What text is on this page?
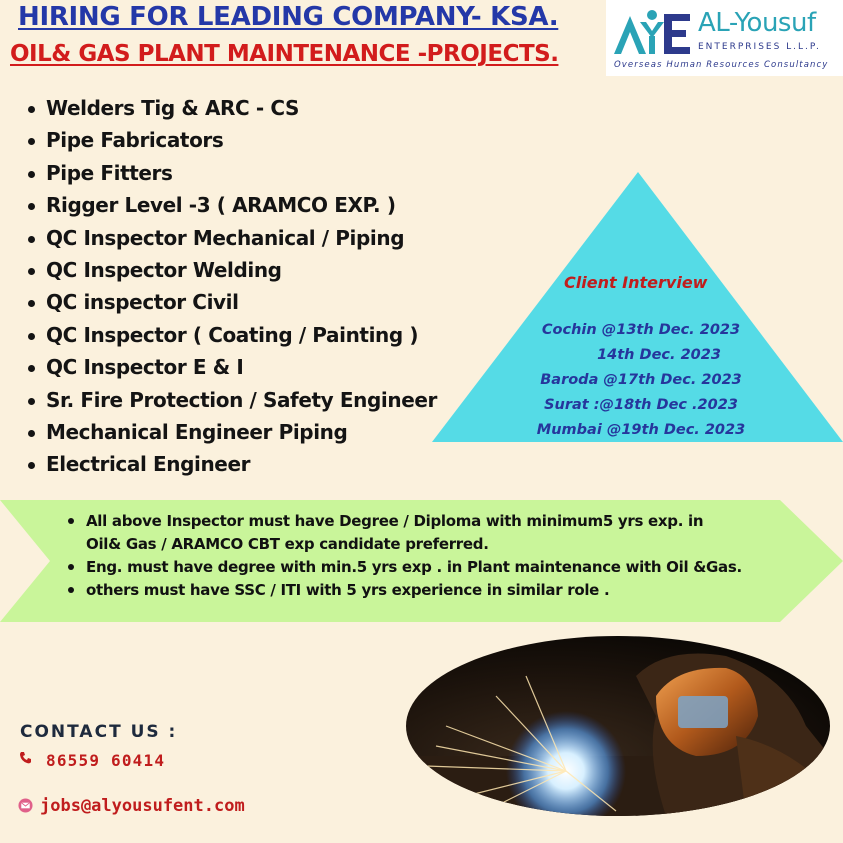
HIRING FOR LEADING COMPANY- KSA.
OIL& GAS PLANT MAINTENANCE -PROJECTS.
AL-Yousuf
ENTERPRISES L.L.P.
Overseas Human Resources Consultancy
Welders Tig & ARC - CS
Pipe Fabricators
Pipe Fitters
Rigger Level -3 ( ARAMCO EXP. )
QC Inspector Mechanical / Piping
QC Inspector Welding
QC inspector Civil
QC Inspector ( Coating / Painting )
QC Inspector E & I
Sr. Fire Protection / Safety Engineer
Mechanical Engineer Piping
Electrical Engineer
Client Interview
Cochin @13th Dec. 2023
14th Dec. 2023
Baroda @17th Dec. 2023
Surat :@18th Dec .2023
Mumbai @19th Dec. 2023
All above Inspector must have Degree / Diploma with minimum5 yrs exp. in
Oil& Gas / ARAMCO CBT exp candidate preferred.
Eng. must have degree with min.5 yrs exp . in Plant maintenance with Oil &Gas.
others must have SSC / ITI with 5 yrs experience in similar role .
CONTACT US :
86559 60414
jobs@alyousufent.com
